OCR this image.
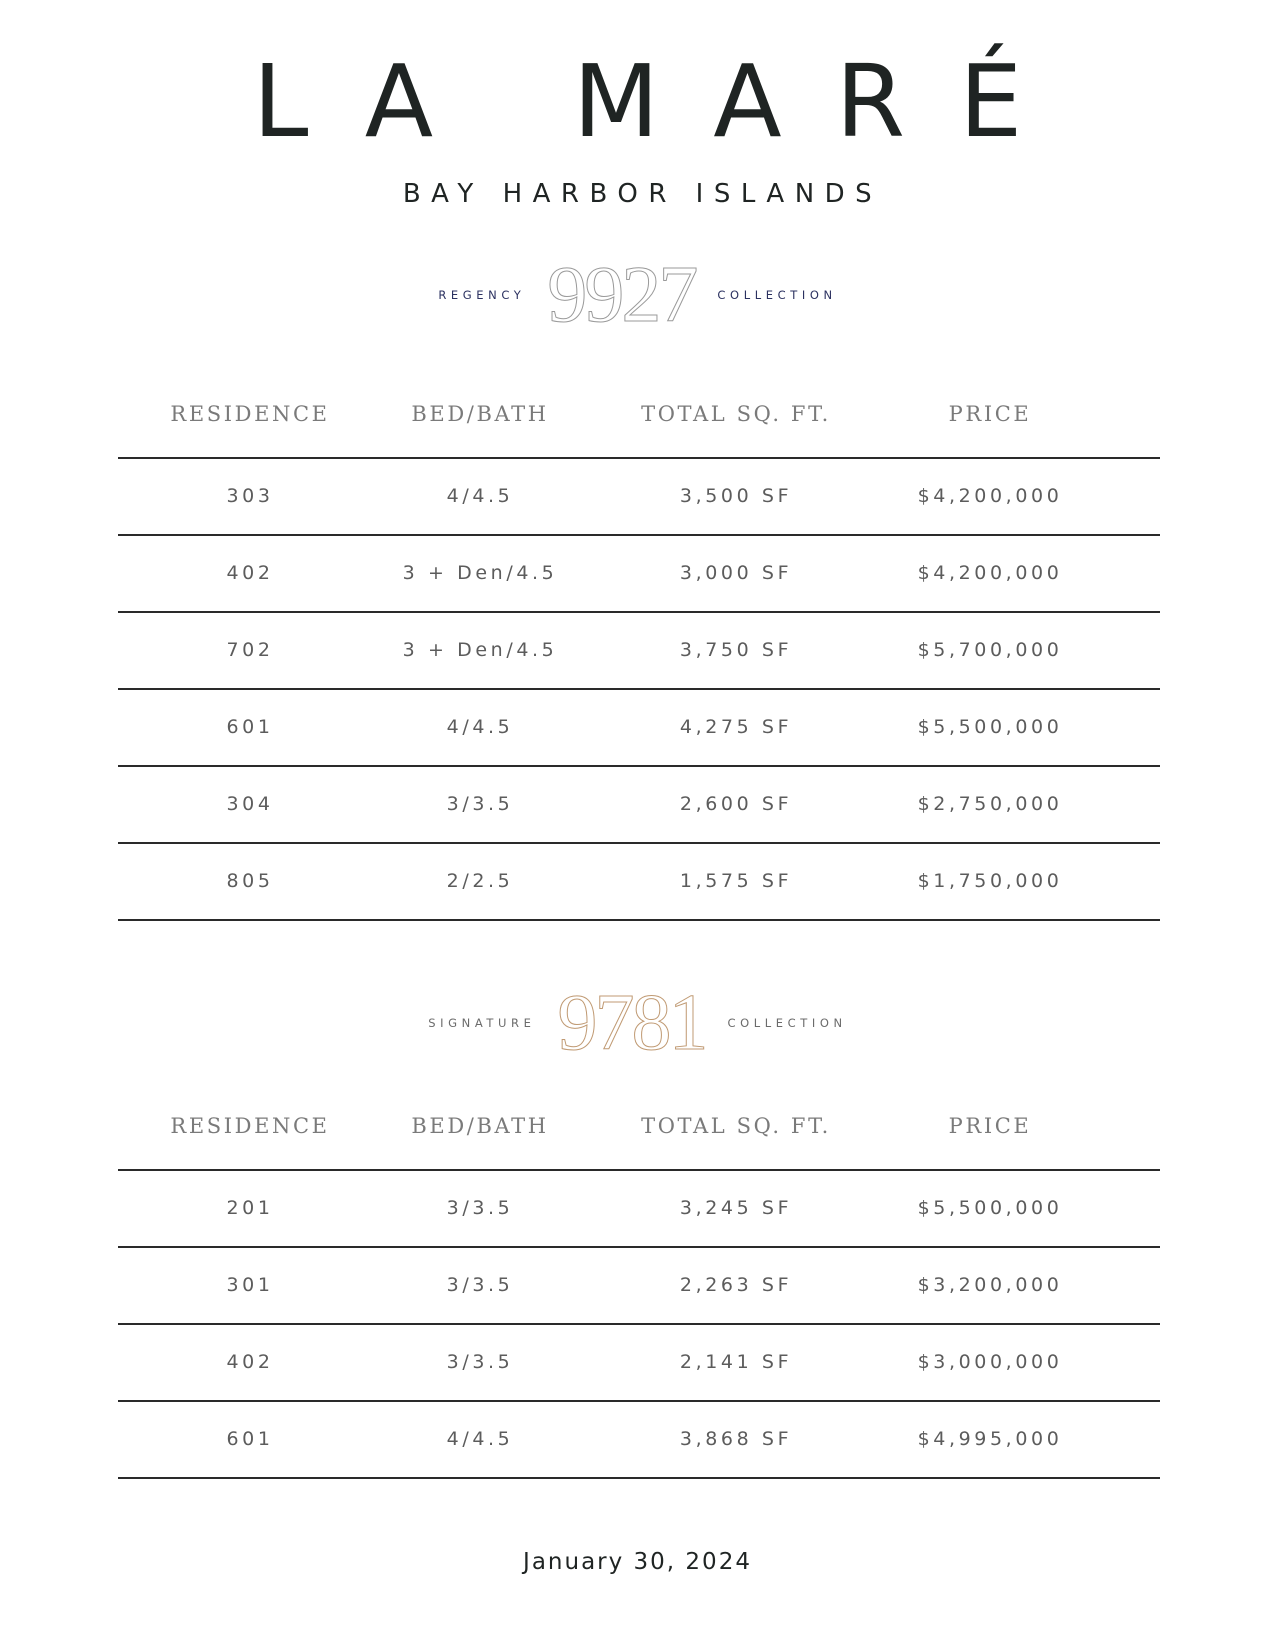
LA MARÉ
BAY HARBOR ISLANDS
REGENCY 9927 COLLECTION
RESIDENCE	BED/BATH	TOTAL SQ. FT.	PRICE
303	4/4.5	3,500 SF	$4,200,000
402	3 + Den/4.5	3,000 SF	$4,200,000
702	3 + Den/4.5	3,750 SF	$5,700,000
601	4/4.5	4,275 SF	$5,500,000
304	3/3.5	2,600 SF	$2,750,000
805	2/2.5	1,575 SF	$1,750,000
SIGNATURE 9781 COLLECTION
RESIDENCE	BED/BATH	TOTAL SQ. FT.	PRICE
201	3/3.5	3,245 SF	$5,500,000
301	3/3.5	2,263 SF	$3,200,000
402	3/3.5	2,141 SF	$3,000,000
601	4/4.5	3,868 SF	$4,995,000
January 30, 2024
